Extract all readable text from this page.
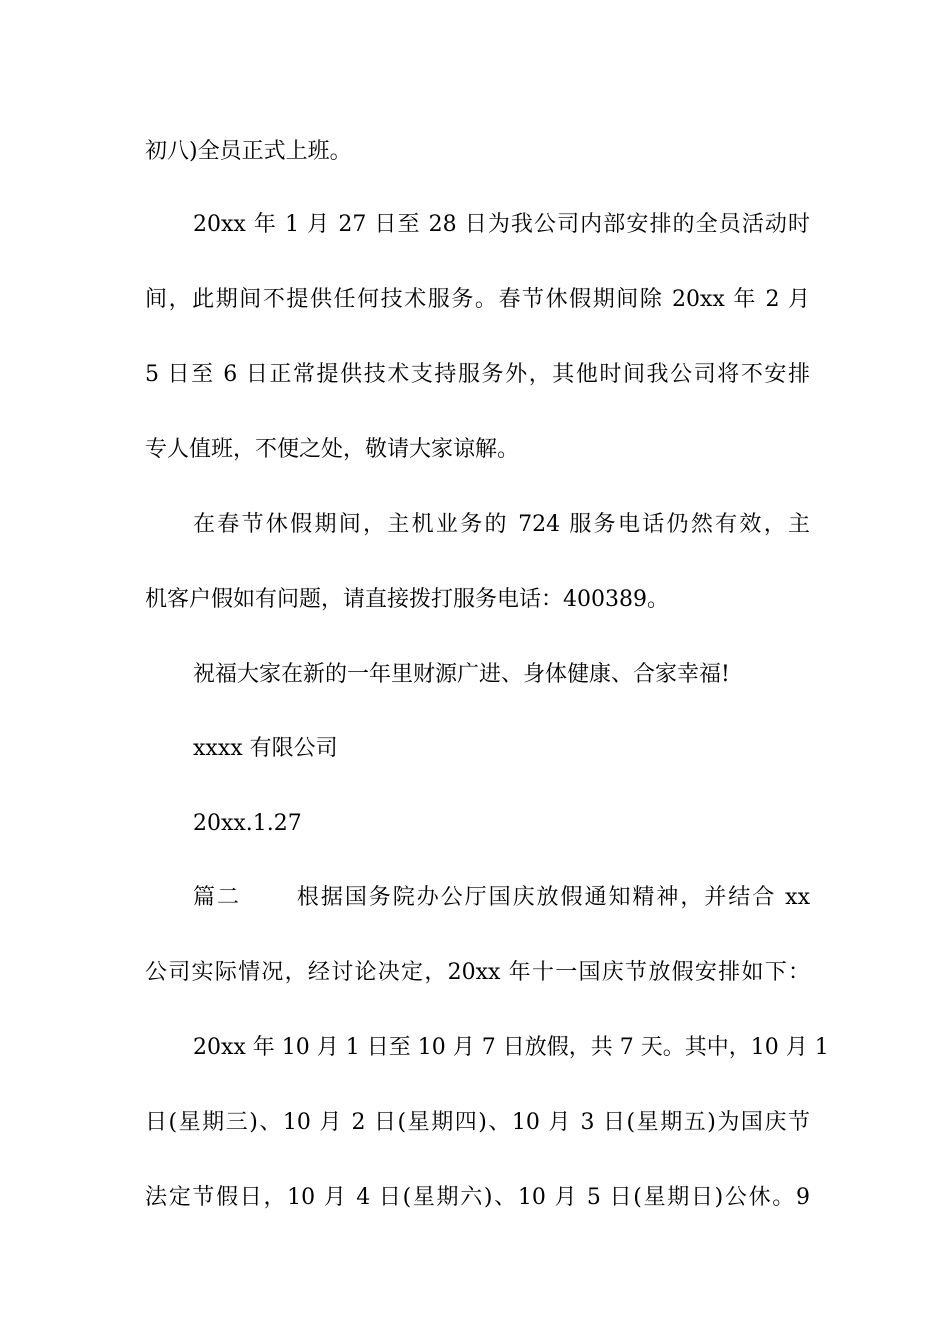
初八)全员正式上班。
20xx 年 1 月 27 日至 28 日为我公司内部安排的全员活动时
间，此期间不提供任何技术服务。春节休假期间除 20xx 年 2 月
5 日至 6 日正常提供技术支持服务外，其他时间我公司将不安排
专人值班，不便之处，敬请大家谅解。
在春节休假期间，主机业务的 724 服务电话仍然有效，主
机客户假如有问题，请直接拨打服务电话：400389。
祝福大家在新的一年里财源广进、身体健康、合家幸福!
xxxx 有限公司
20xx.1.27
篇二 根据国务院办公厅国庆放假通知精神，并结合 xx
公司实际情况，经讨论决定，20xx 年十一国庆节放假安排如下：
20xx 年 10 月 1 日至 10 月 7 日放假，共 7 天。其中，10 月 1
日(星期三)、10 月 2 日(星期四)、10 月 3 日(星期五)为国庆节
法定节假日，10 月 4 日(星期六)、10 月 5 日(星期日)公休。9
